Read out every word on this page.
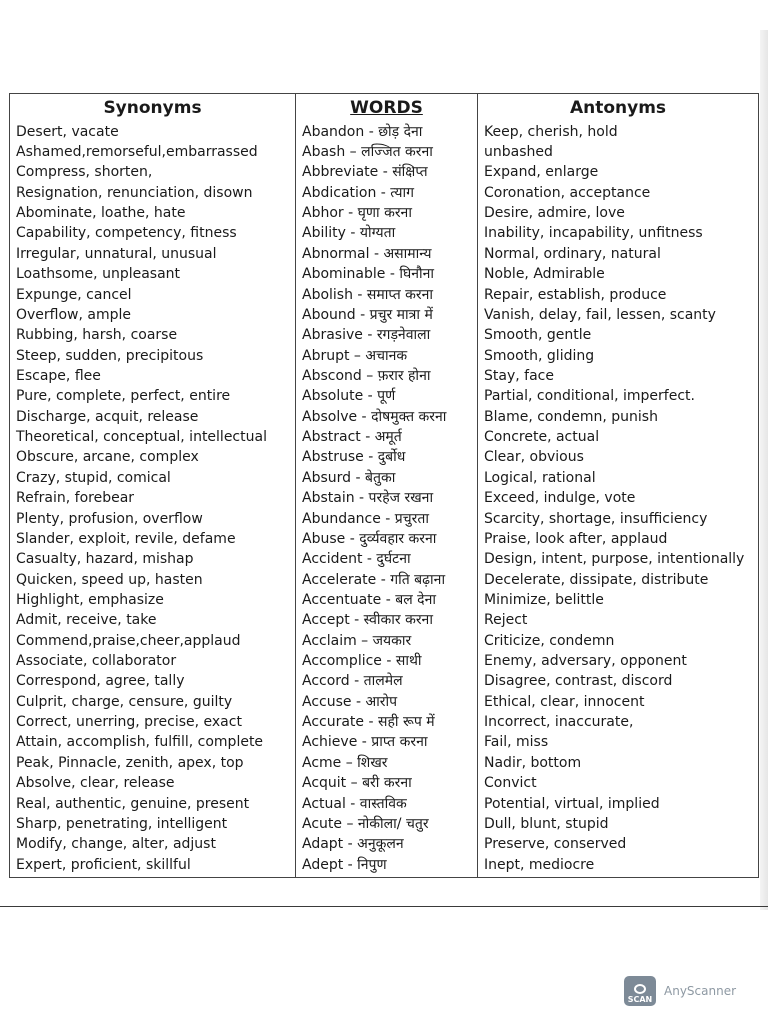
Synonyms	WORDS	Antonyms
Desert, vacate	Abandon - छोड़ देना	Keep, cherish, hold
Ashamed,remorseful,embarrassed	Abash – लज्जित करना	unbashed
Compress, shorten,	Abbreviate - संक्षिप्त	Expand, enlarge
Resignation, renunciation, disown	Abdication - त्याग	Coronation, acceptance
Abominate, loathe, hate	Abhor - घृणा करना	Desire, admire, love
Capability, competency, fitness	Ability - योग्यता	Inability, incapability, unfitness
Irregular, unnatural, unusual	Abnormal - असामान्य	Normal, ordinary, natural
Loathsome, unpleasant	Abominable - घिनौना	Noble, Admirable
Expunge, cancel	Abolish - समाप्त करना	Repair, establish, produce
Overflow, ample	Abound - प्रचुर मात्रा में	Vanish, delay, fail, lessen, scanty
Rubbing, harsh, coarse	Abrasive - रगड़नेवाला	Smooth, gentle
Steep, sudden, precipitous	Abrupt – अचानक	Smooth, gliding
Escape, flee	Abscond – फ़रार होना	Stay, face
Pure, complete, perfect, entire	Absolute - पूर्ण	Partial, conditional, imperfect.
Discharge, acquit, release	Absolve - दोषमुक्त करना	Blame, condemn, punish
Theoretical, conceptual, intellectual	Abstract - अमूर्त	Concrete, actual
Obscure, arcane, complex	Abstruse - दुर्बोध	Clear, obvious
Crazy, stupid, comical	Absurd - बेतुका	Logical, rational
Refrain, forebear	Abstain - परहेज रखना	Exceed, indulge, vote
Plenty, profusion, overflow	Abundance - प्रचुरता	Scarcity, shortage, insufficiency
Slander, exploit, revile, defame	Abuse - दुर्व्यवहार करना	Praise, look after, applaud
Casualty, hazard, mishap	Accident - दुर्घटना	Design, intent, purpose, intentionally
Quicken, speed up, hasten	Accelerate - गति बढ़ाना	Decelerate, dissipate, distribute
Highlight, emphasize	Accentuate - बल देना	Minimize, belittle
Admit, receive, take	Accept - स्वीकार करना	Reject
Commend,praise,cheer,applaud	Acclaim – जयकार	Criticize, condemn
Associate, collaborator	Accomplice - साथी	Enemy, adversary, opponent
Correspond, agree, tally	Accord - तालमेल	Disagree, contrast, discord
Culprit, charge, censure, guilty	Accuse - आरोप	Ethical, clear, innocent
Correct, unerring, precise, exact	Accurate - सही रूप में	Incorrect, inaccurate,
Attain, accomplish, fulfill, complete	Achieve - प्राप्त करना	Fail, miss
Peak, Pinnacle, zenith, apex, top	Acme – शिखर	Nadir, bottom
Absolve, clear, release	Acquit – बरी करना	Convict
Real, authentic, genuine, present	Actual - वास्तविक	Potential, virtual, implied
Sharp, penetrating, intelligent	Acute – नोकीला/ चतुर	Dull, blunt, stupid
Modify, change, alter, adjust	Adapt - अनुकूलन	Preserve, conserved
Expert, proficient, skillful	Adept - निपुण	Inept, mediocre
SCAN
AnyScanner
